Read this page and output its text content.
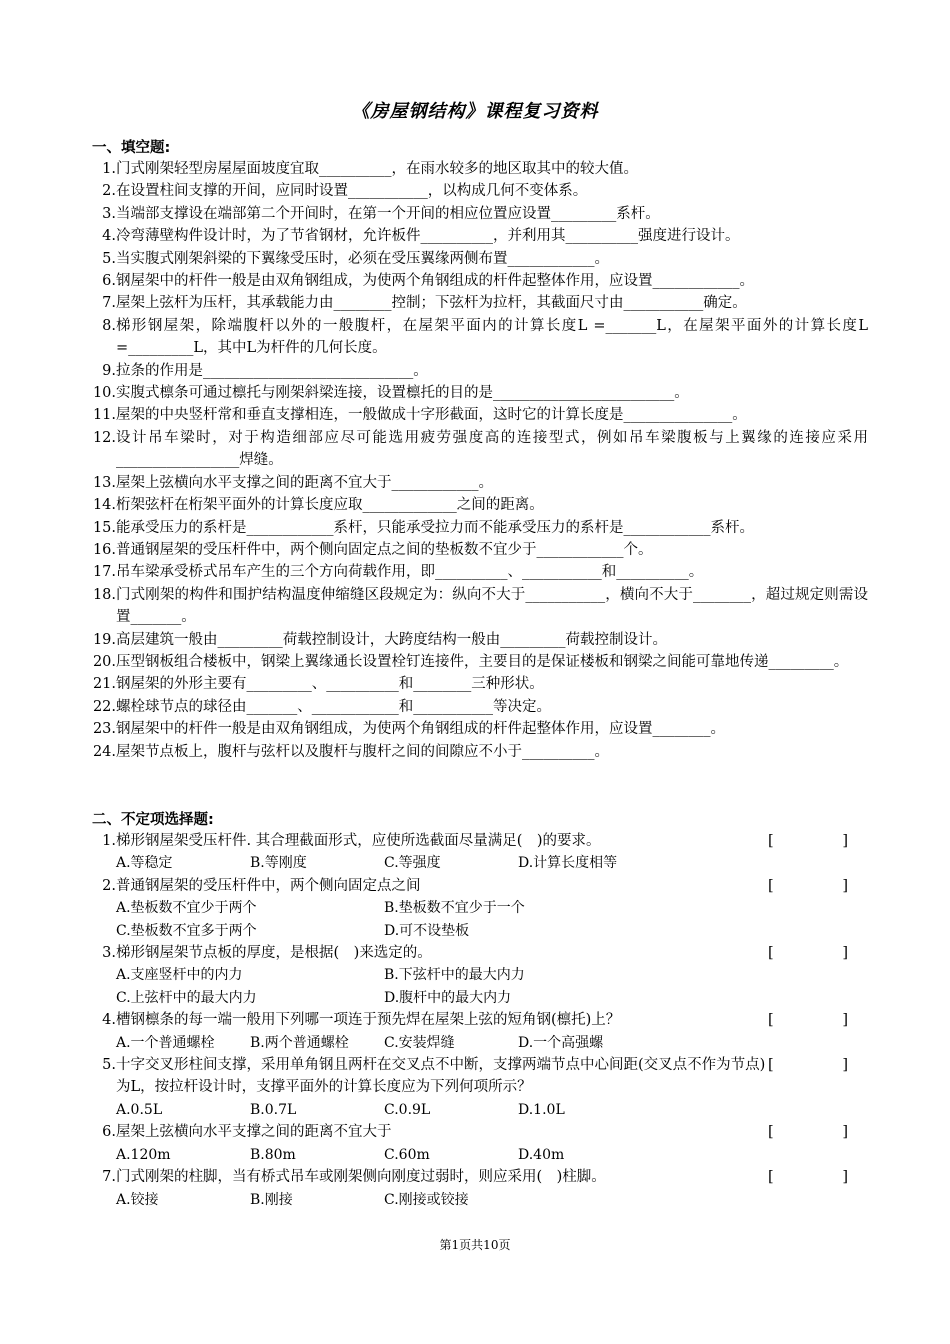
《房屋钢结构》课程复习资料
一、填空题:
1. 门式刚架轻型房屋屋面坡度宜取__________，在雨水较多的地区取其中的较大值。
2. 在设置柱间支撑的开间，应同时设置___________，以构成几何不变体系。
3. 当端部支撑设在端部第二个开间时，在第一个开间的相应位置应设置_________系杆。
4. 冷弯薄壁构件设计时，为了节省钢材，允许板件__________，并利用其__________强度进行设计。
5. 当实腹式刚架斜梁的下翼缘受压时，必须在受压翼缘两侧布置____________。
6. 钢屋架中的杆件一般是由双角钢组成，为使两个角钢组成的杆件起整体作用，应设置____________。
7. 屋架上弦杆为压杆，其承载能力由________控制；下弦杆为拉杆，其截面尺寸由___________确定。
8. 梯形钢屋架，除端腹杆以外的一般腹杆，在屋架平面内的计算长度L =_______L，在屋架平面外的计算长度L =_________L，其中L为杆件的几何长度。
9. 拉条的作用是_____________________________。
10. 实腹式檩条可通过檩托与刚架斜梁连接，设置檩托的目的是_________________________。
11. 屋架的中央竖杆常和垂直支撑相连，一般做成十字形截面，这时它的计算长度是_______________。
12. 设计吊车梁时，对于构造细部应尽可能选用疲劳强度高的连接型式，例如吊车梁腹板与上翼缘的连接应采用_________________焊缝。
13. 屋架上弦横向水平支撑之间的距离不宜大于____________。
14. 桁架弦杆在桁架平面外的计算长度应取_____________之间的距离。
15. 能承受压力的系杆是____________系杆，只能承受拉力而不能承受压力的系杆是____________系杆。
16. 普通钢屋架的受压杆件中，两个侧向固定点之间的垫板数不宜少于____________个。
17. 吊车梁承受桥式吊车产生的三个方向荷载作用，即__________、___________和__________。
18. 门式刚架的构件和围护结构温度伸缩缝区段规定为：纵向不大于___________，横向不大于________，超过规定则需设置_______。
19. 高层建筑一般由_________荷载控制设计，大跨度结构一般由_________荷载控制设计。
20. 压型钢板组合楼板中，钢梁上翼缘通长设置栓钉连接件，主要目的是保证楼板和钢梁之间能可靠地传递_________。
21. 钢屋架的外形主要有_________、__________和________三种形状。
22. 螺栓球节点的球径由_______、____________和___________等决定。
23. 钢屋架中的杆件一般是由双角钢组成，为使两个角钢组成的杆件起整体作用，应设置________。
24. 屋架节点板上，腹杆与弦杆以及腹杆与腹杆之间的间隙应不小于__________。
二、不定项选择题:
1. 梯形钢屋架受压杆件. 其合理截面形式，应使所选截面尽量满足(　)的要求。	[	]
A.等稳定	B.等刚度	C.等强度	D.计算长度相等
2. 普通钢屋架的受压杆件中，两个侧向固定点之间	[	]
A.垫板数不宜少于两个	B.垫板数不宜少于一个
C.垫板数不宜多于两个	D.可不设垫板
3. 梯形钢屋架节点板的厚度，是根据(　)来选定的。	[	]
A.支座竖杆中的内力	B.下弦杆中的最大内力
C.上弦杆中的最大内力	D.腹杆中的最大内力
4. 槽钢檩条的每一端一般用下列哪一项连于预先焊在屋架上弦的短角钢(檩托)上？	[	]
A.一个普通螺栓	B.两个普通螺栓	C.安装焊缝	D.一个高强螺
5. 十字交叉形柱间支撑，采用单角钢且两杆在交叉点不中断，支撑两端节点中心间距(交叉点不作为节点)为L，按拉杆设计时，支撑平面外的计算长度应为下列何项所示？
[	]
A.0.5L	B.0.7L	C.0.9L	D.1.0L
6. 屋架上弦横向水平支撑之间的距离不宜大于	[	]
A.120m	B.80m	C.60m	D.40m
7. 门式刚架的柱脚，当有桥式吊车或刚架侧向刚度过弱时，则应采用(　)柱脚。	[	]
A.铰接	B.刚接	C.刚接或铰接
第1页共10页
